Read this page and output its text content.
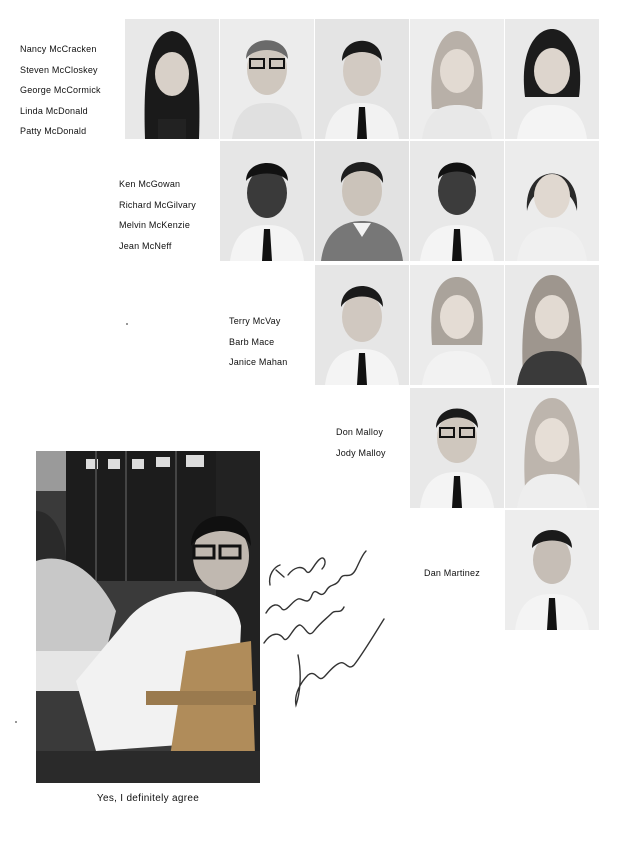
Nancy McCracken
Steven McCloskey
George McCormick
Linda McDonald
Patty McDonald
Ken McGowan
Richard McGilvary
Melvin McKenzie
Jean McNeff
Terry McVay
Barb Mace
Janice Mahan
Don Malloy
Jody Malloy
Dan Martinez
Yes, I definitely agree
